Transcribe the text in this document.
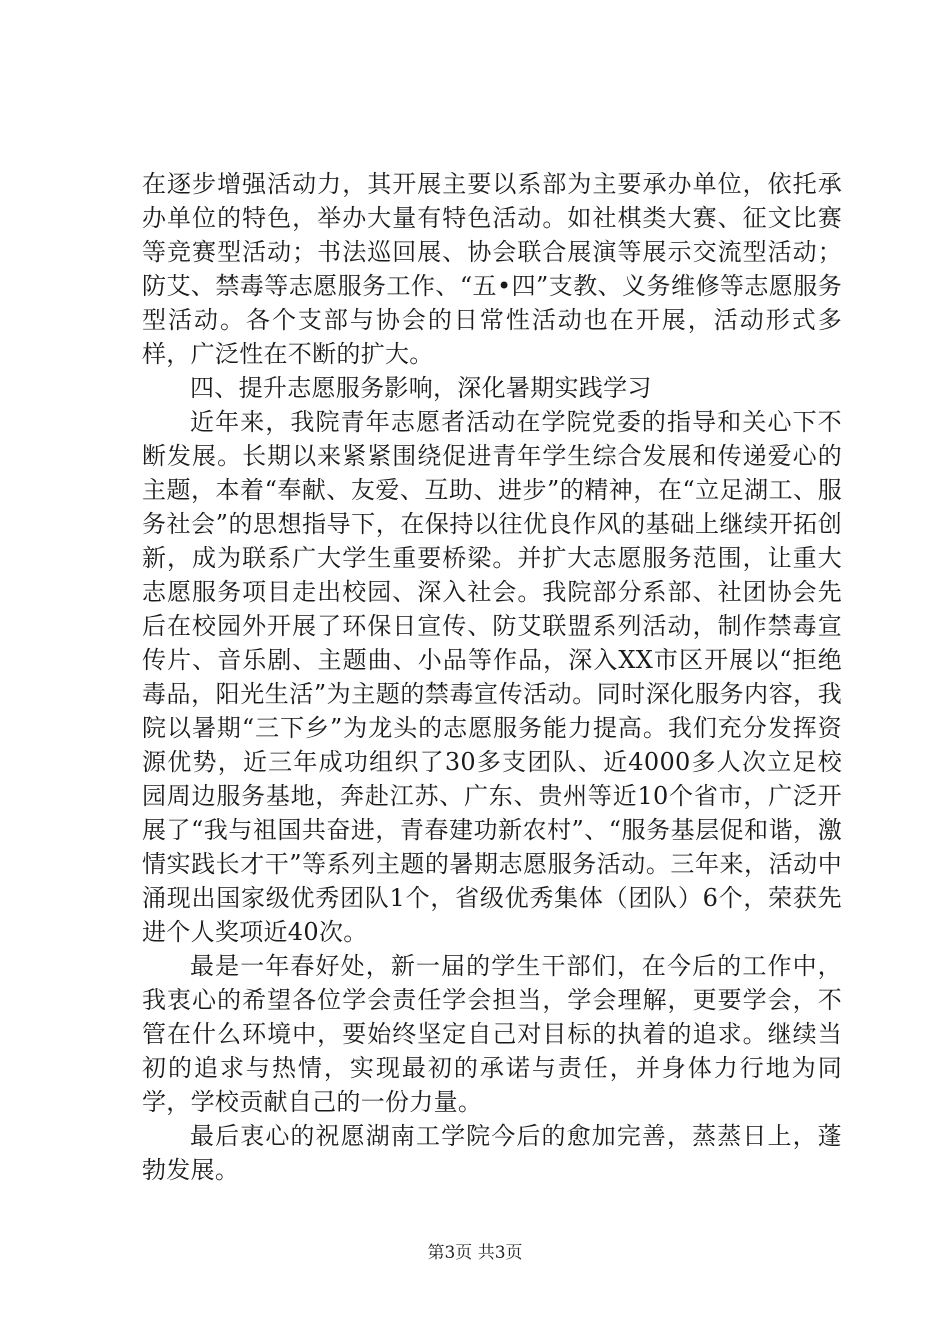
在逐步增强活动力，其开展主要以系部为主要承办单位，依托承办单位的特色，举办大量有特色活动。如社棋类大赛、征文比赛等竞赛型活动；书法巡回展、协会联合展演等展示交流型活动；防艾、禁毒等志愿服务工作、“五•四”支教、义务维修等志愿服务型活动。各个支部与协会的日常性活动也在开展，活动形式多样，广泛性在不断的扩大。

四、提升志愿服务影响，深化暑期实践学习

近年来，我院青年志愿者活动在学院党委的指导和关心下不断发展。长期以来紧紧围绕促进青年学生综合发展和传递爱心的主题，本着“奉献、友爱、互助、进步”的精神，在“立足湖工、服务社会”的思想指导下，在保持以往优良作风的基础上继续开拓创新，成为联系广大学生重要桥梁。并扩大志愿服务范围，让重大志愿服务项目走出校园、深入社会。我院部分系部、社团协会先后在校园外开展了环保日宣传、防艾联盟系列活动，制作禁毒宣传片、音乐剧、主题曲、小品等作品，深入XX市区开展以“拒绝毒品，阳光生活”为主题的禁毒宣传活动。同时深化服务内容，我院以暑期“三下乡”为龙头的志愿服务能力提高。我们充分发挥资源优势，近三年成功组织了30多支团队、近4000多人次立足校园周边服务基地，奔赴江苏、广东、贵州等近10个省市，广泛开展了“我与祖国共奋进，青春建功新农村”、“服务基层促和谐，激情实践长才干”等系列主题的暑期志愿服务活动。三年来，活动中涌现出国家级优秀团队1个，省级优秀集体（团队）6个，荣获先进个人奖项近40次。

最是一年春好处，新一届的学生干部们，在今后的工作中，我衷心的希望各位学会责任学会担当，学会理解，更要学会，不管在什么环境中，要始终坚定自己对目标的执着的追求。继续当初的追求与热情，实现最初的承诺与责任，并身体力行地为同学，学校贡献自己的一份力量。

最后衷心的祝愿湖南工学院今后的愈加完善，蒸蒸日上，蓬勃发展。

第3页 共3页
